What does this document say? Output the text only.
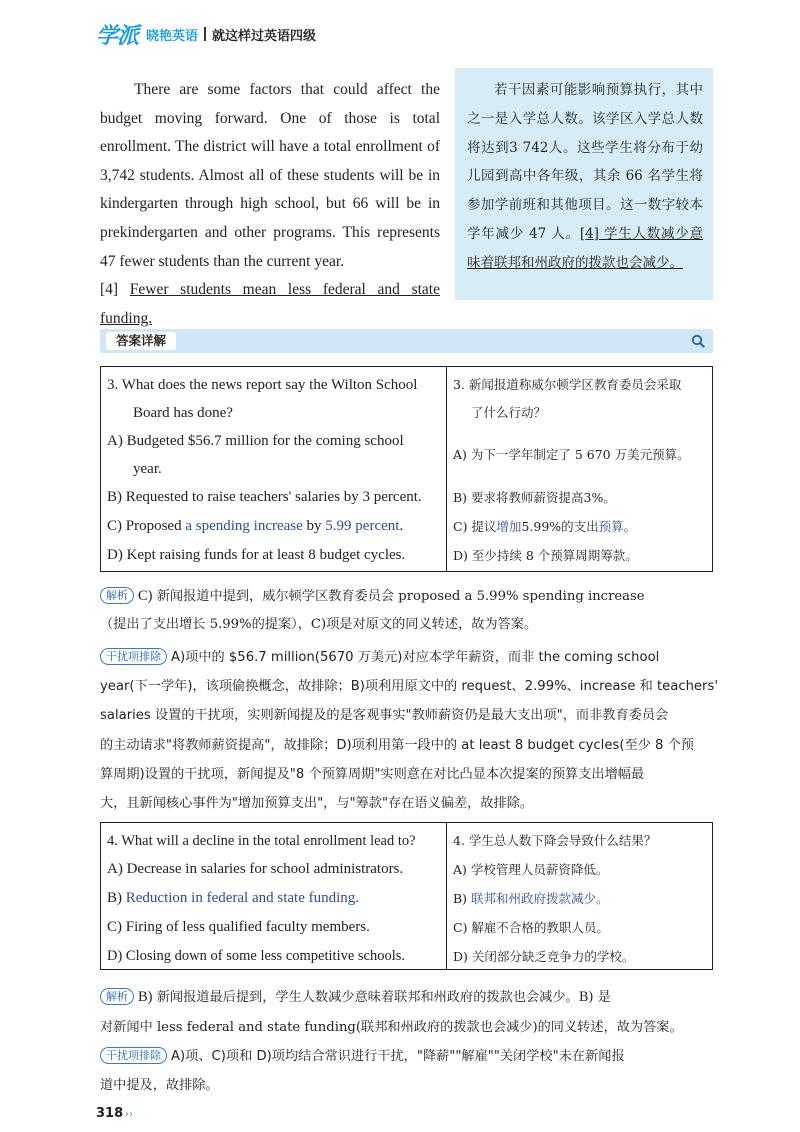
学派 晓艳英语 就这样过英语四级

There are some factors that could affect the budget moving forward. One of those is total enrollment. The district will have a total enrollment of 3,742 students. Almost all of these students will be in kindergarten through high school, but 66 will be in prekindergarten and other programs. This represents 47 fewer students than the current year.

[4] Fewer students mean less federal and state funding.

若干因素可能影响预算执行，其中之一是入学总人数。该学区入学总人数将达到3 742人。这些学生将分布于幼儿园到高中各年级，其余 66 名学生将参加学前班和其他项目。这一数字较本学年减少 47 人。[4] 学生人数减少意味着联邦和州政府的拨款也会减少。

答案详解
3. What does the news report say the Wilton School
Board has done?
A) Budgeted $56.7 million for the coming school
year.
B) Requested to raise teachers' salaries by 3 percent.
C) Proposed a spending increase by 5.99 percent.
D) Kept raising funds for at least 8 budget cycles.
3. 新闻报道称威尔顿学区教育委员会采取
了什么行动？
A) 为下一学年制定了 5 670 万美元预算。
B) 要求将教师薪资提高3%。
C) 提议增加5.99%的支出预算。
D) 至少持续 8 个预算周期筹款。
解析 C) 新闻报道中提到，威尔顿学区教育委员会 proposed a 5.99% spending increase
（提出了支出增长 5.99%的提案），C)项是对原文的同义转述，故为答案。
干扰项排除 A)项中的 $56.7 million(5670 万美元)对应本学年薪资，而非 the coming school
year(下一学年)，该项偷换概念，故排除；B)项利用原文中的 request、2.99%、increase 和 teachers'
salaries 设置的干扰项，实则新闻提及的是客观事实"教师薪资仍是最大支出项"，而非教育委员会
的主动请求"将教师薪资提高"，故排除；D)项利用第一段中的 at least 8 budget cycles(至少 8 个预
算周期)设置的干扰项，新闻提及"8 个预算周期"实则意在对比凸显本次提案的预算支出增幅最
大，且新闻核心事件为"增加预算支出"，与"筹款"存在语义偏差，故排除。
4. What will a decline in the total enrollment lead to?
A) Decrease in salaries for school administrators.
B) Reduction in federal and state funding.
C) Firing of less qualified faculty members.
D) Closing down of some less competitive schools.
4. 学生总人数下降会导致什么结果？
A) 学校管理人员薪资降低。
B) 联邦和州政府拨款减少。
C) 解雇不合格的教职人员。
D) 关闭部分缺乏竞争力的学校。
解析 B) 新闻报道最后提到，学生人数减少意味着联邦和州政府的拨款也会减少。B) 是
对新闻中 less federal and state funding(联邦和州政府的拨款也会减少)的同义转述，故为答案。
干扰项排除 A)项、C)项和 D)项均结合常识进行干扰，"降薪""解雇""关闭学校"未在新闻报
道中提及，故排除。
318 ››
